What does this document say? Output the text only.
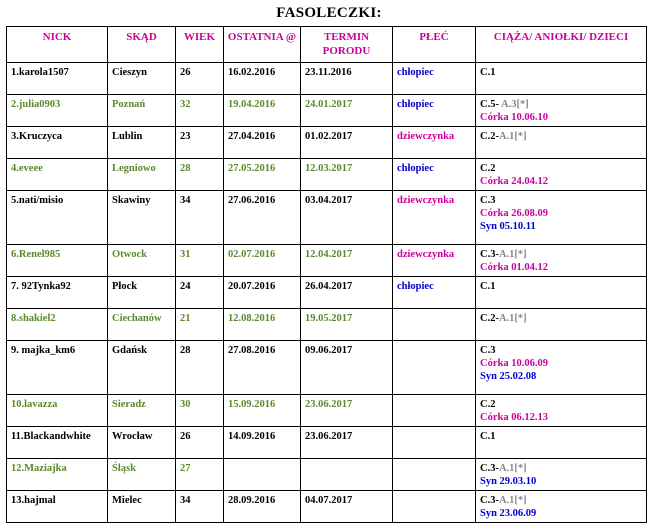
FASOLECZKI:
NICK	SKĄD	WIEK	OSTATNIA @	TERMIN PORODU	PŁEĆ	CIĄŻA/ ANIOŁKI/ DZIECI
1.karola1507	Cieszyn	26	16.02.2016	23.11.2016	chłopiec	C.1

2.julia0903	Poznań	32	19.04.2016	24.01.2017	chłopiec	C.5- A.3[*]
Córka 10.06.10

3.Kruczyca	Lublin	23	27.04.2016	01.02.2017	dziewczynka	C.2-A.1[*]

4.eveee	Legniowo	28	27.05.2016	12.03.2017	chłopiec	C.2
Córka 24.04.12

5.nati/misio	Skawiny	34	27.06.2016	03.04.2017	dziewczynka	C.3
Córka 26.08.09
Syn 05.10.11

6.Renel985	Otwock	31	02.07.2016	12.04.2017	dziewczynka	C.3-A.1[*]
Córka 01.04.12

7. 92Tynka92	Płock	24	20.07.2016	26.04.2017	chłopiec	C.1

8.shakiel2	Ciechanów	21	12.08.2016	19.05.2017		C.2-A.1[*]

9. majka_km6	Gdańsk	28	27.08.2016	09.06.2017		C.3
Córka 10.06.09
Syn 25.02.08

10.lavazza	Sieradz	30	15.09.2016	23.06.2017		C.2
Córka 06.12.13

11.Blackandwhite	Wrocław	26	14.09.2016	23.06.2017		C.1

12.Maziajka	Śląsk	27				C.3-A.1[*]
Syn 29.03.10

13.hajmal	Mielec	34	28.09.2016	04.07.2017		C.3-A.1[*]
Syn 23.06.09
